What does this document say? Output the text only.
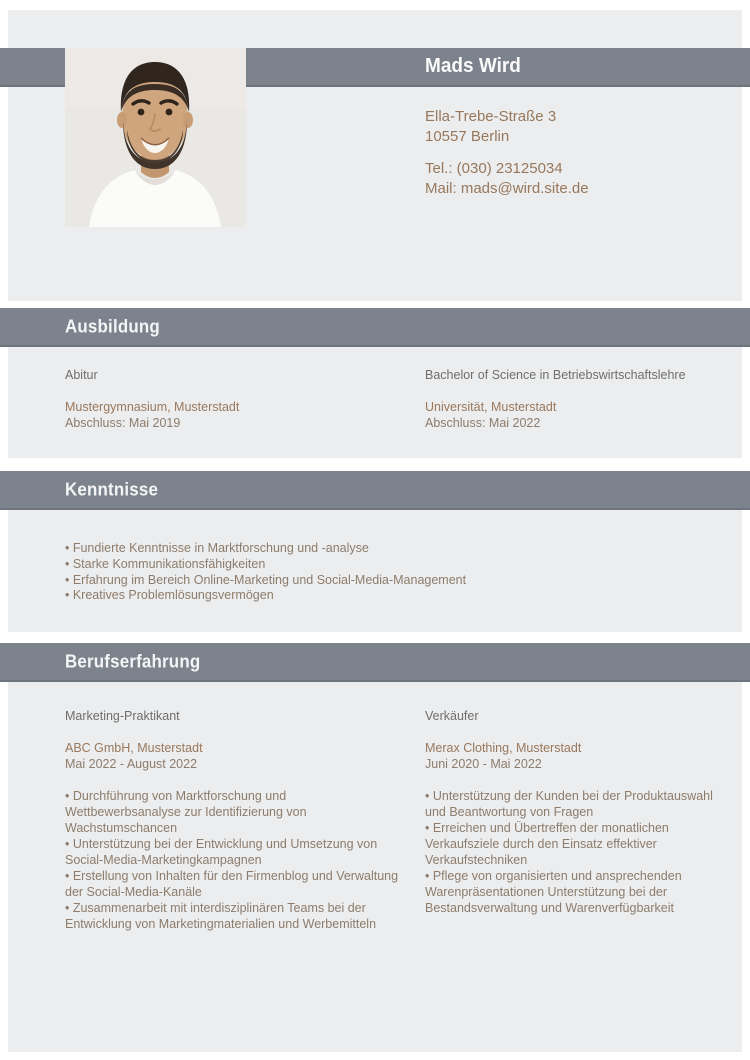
Mads Wird
Ella-Trebe-Straße 3
10557 Berlin
Tel.: (030) 23125034
Mail: mads@wird.site.de
Ausbildung
Abitur
Mustergymnasium, Musterstadt
Abschluss: Mai 2019
Bachelor of Science in Betriebswirtschaftslehre
Universität, Musterstadt
Abschluss: Mai 2022
Kenntnisse
• Fundierte Kenntnisse in Marktforschung und -analyse
• Starke Kommunikationsfähigkeiten
• Erfahrung im Bereich Online-Marketing und Social-Media-Management
• Kreatives Problemlösungsvermögen
Berufserfahrung
Marketing-Praktikant
ABC GmbH, Musterstadt
Mai 2022 - August 2022
• Durchführung von Marktforschung und Wettbewerbsanalyse zur Identifizierung von Wachstumschancen
• Unterstützung bei der Entwicklung und Umsetzung von Social-Media-Marketingkampagnen
• Erstellung von Inhalten für den Firmenblog und Verwaltung der Social-Media-Kanäle
• Zusammenarbeit mit interdisziplinären Teams bei der Entwicklung von Marketingmaterialien und Werbemitteln
Verkäufer
Merax Clothing, Musterstadt
Juni 2020 - Mai 2022
• Unterstützung der Kunden bei der Produktauswahl und Beantwortung von Fragen
• Erreichen und Übertreffen der monatlichen Verkaufsziele durch den Einsatz effektiver Verkaufstechniken
• Pflege von organisierten und ansprechenden Warenpräsentationen Unterstützung bei der Bestandsverwaltung und Warenverfügbarkeit
